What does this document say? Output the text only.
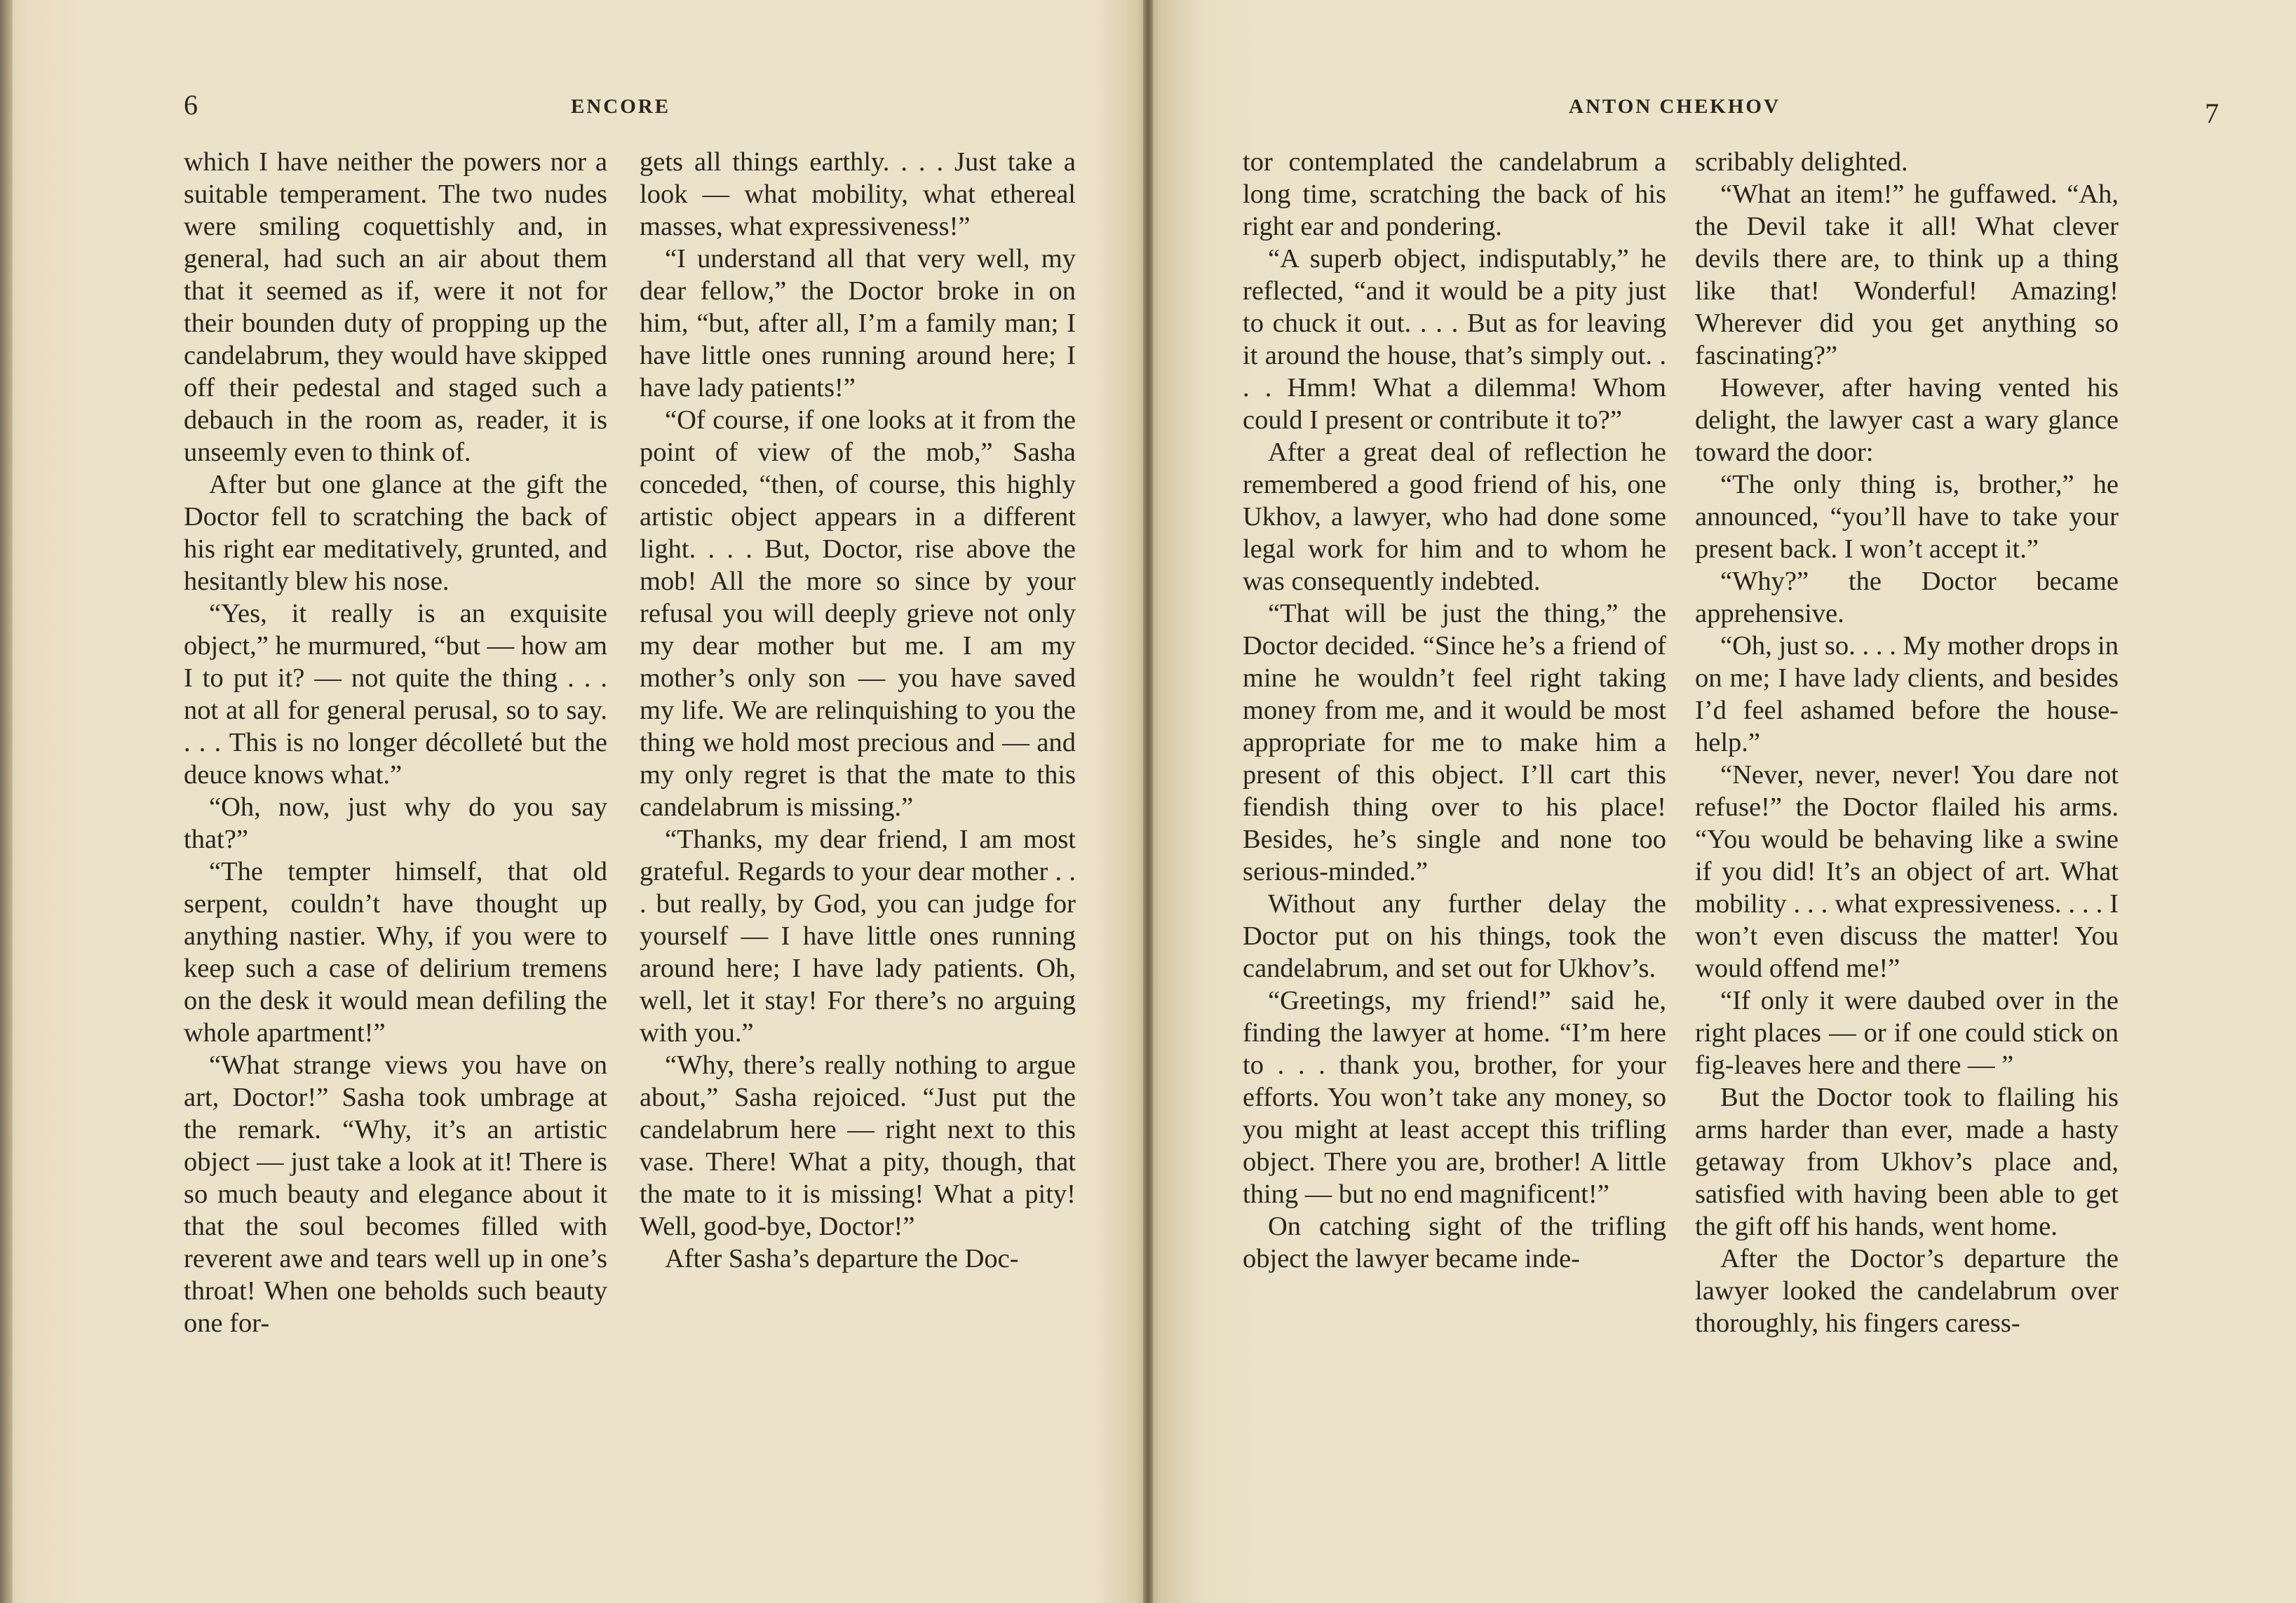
6	ENCORE

which I have neither the powers nor a suitable temperament. The two nudes were smiling coquettishly and, in general, had such an air about them that it seemed as if, were it not for their bounden duty of propping up the candelabrum, they would have skipped off their pedestal and staged such a debauch in the room as, reader, it is unseemly even to think of.

After but one glance at the gift the Doctor fell to scratching the back of his right ear meditatively, grunted, and hesitantly blew his nose.

“Yes, it really is an exquisite object,” he murmured, “but — how am I to put it? — not quite the thing . . . not at all for general perusal, so to say. . . . This is no longer décolleté but the deuce knows what.”

“Oh, now, just why do you say that?”

“The tempter himself, that old serpent, couldn’t have thought up anything nastier. Why, if you were to keep such a case of delirium tremens on the desk it would mean defiling the whole apartment!”

“What strange views you have on art, Doctor!” Sasha took umbrage at the remark. “Why, it’s an artistic object — just take a look at it! There is so much beauty and elegance about it that the soul becomes filled with reverent awe and tears well up in one’s throat! When one beholds such beauty one for-

gets all things earthly. . . . Just take a look — what mobility, what ethereal masses, what expressiveness!”

“I understand all that very well, my dear fellow,” the Doctor broke in on him, “but, after all, I’m a family man; I have little ones running around here; I have lady patients!”

“Of course, if one looks at it from the point of view of the mob,” Sasha conceded, “then, of course, this highly artistic object appears in a different light. . . . But, Doctor, rise above the mob! All the more so since by your refusal you will deeply grieve not only my dear mother but me. I am my mother’s only son — you have saved my life. We are relinquishing to you the thing we hold most precious and — and my only regret is that the mate to this candelabrum is missing.”

“Thanks, my dear friend, I am most grateful. Regards to your dear mother . . . but really, by God, you can judge for yourself — I have little ones running around here; I have lady patients. Oh, well, let it stay! For there’s no arguing with you.”

“Why, there’s really nothing to argue about,” Sasha rejoiced. “Just put the candelabrum here — right next to this vase. There! What a pity, though, that the mate to it is missing! What a pity! Well, good-bye, Doctor!”

After Sasha’s departure the Doc-

ANTON CHEKHOV	7

tor contemplated the candelabrum a long time, scratching the back of his right ear and pondering.

“A superb object, indisputably,” he reflected, “and it would be a pity just to chuck it out. . . . But as for leaving it around the house, that’s simply out. . . . Hmm! What a dilemma! Whom could I present or contribute it to?”

After a great deal of reflection he remembered a good friend of his, one Ukhov, a lawyer, who had done some legal work for him and to whom he was consequently indebted.

“That will be just the thing,” the Doctor decided. “Since he’s a friend of mine he wouldn’t feel right taking money from me, and it would be most appropriate for me to make him a present of this object. I’ll cart this fiendish thing over to his place! Besides, he’s single and none too serious-minded.”

Without any further delay the Doctor put on his things, took the candelabrum, and set out for Ukhov’s.

“Greetings, my friend!” said he, finding the lawyer at home. “I’m here to . . . thank you, brother, for your efforts. You won’t take any money, so you might at least accept this trifling object. There you are, brother! A little thing — but no end magnificent!”

On catching sight of the trifling object the lawyer became inde-

scribably delighted.

“What an item!” he guffawed. “Ah, the Devil take it all! What clever devils there are, to think up a thing like that! Wonderful! Amazing! Wherever did you get anything so fascinating?”

However, after having vented his delight, the lawyer cast a wary glance toward the door:

“The only thing is, brother,” he announced, “you’ll have to take your present back. I won’t accept it.”

“Why?” the Doctor became apprehensive.

“Oh, just so. . . . My mother drops in on me; I have lady clients, and besides I’d feel ashamed before the house-help.”

“Never, never, never! You dare not refuse!” the Doctor flailed his arms. “You would be behaving like a swine if you did! It’s an object of art. What mobility . . . what expressiveness. . . . I won’t even discuss the matter! You would offend me!”

“If only it were daubed over in the right places — or if one could stick on fig-leaves here and there — ”

But the Doctor took to flailing his arms harder than ever, made a hasty getaway from Ukhov’s place and, satisfied with having been able to get the gift off his hands, went home.

After the Doctor’s departure the lawyer looked the candelabrum over thoroughly, his fingers caress-
